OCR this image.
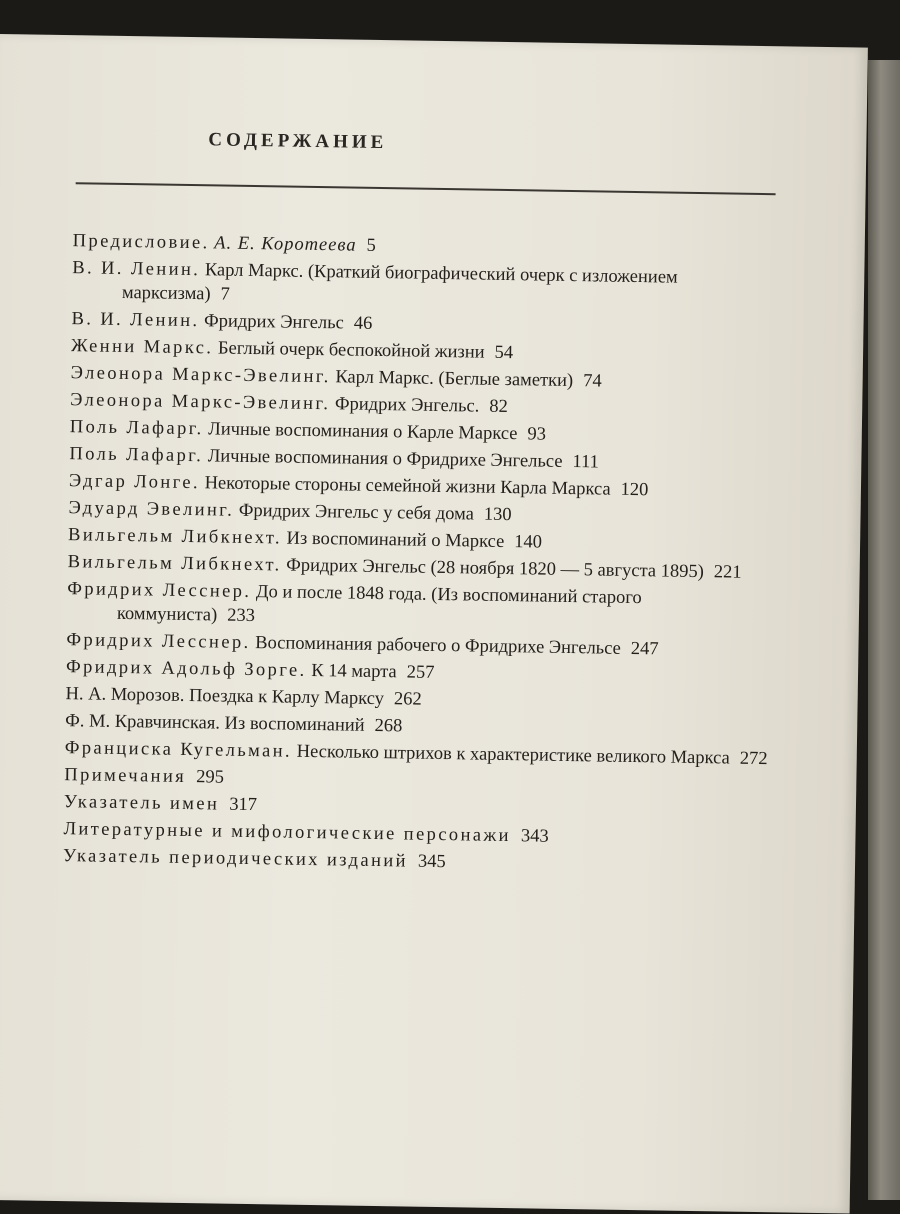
СОДЕРЖАНИЕ
Предисловие. А. Е. Коротеева 5
В. И. Ленин. Карл Маркс. (Краткий биографический очерк с изложением марксизма) 7
В. И. Ленин. Фридрих Энгельс 46
Женни Маркс. Беглый очерк беспокойной жизни 54
Элеонора Маркс-Эвелинг. Карл Маркс. (Беглые заметки) 74
Элеонора Маркс-Эвелинг. Фридрих Энгельс. 82
Поль Лафарг. Личные воспоминания о Карле Марксе 93
Поль Лафарг. Личные воспоминания о Фридрихе Энгельсе 111
Эдгар Лонге. Некоторые стороны семейной жизни Карла Маркса 120
Эдуард Эвелинг. Фридрих Энгельс у себя дома 130
Вильгельм Либкнехт. Из воспоминаний о Марксе 140
Вильгельм Либкнехт. Фридрих Энгельс (28 ноября 1820 — 5 августа 1895) 221
Фридрих Лесснер. До и после 1848 года. (Из воспоминаний старого коммуниста) 233
Фридрих Лесснер. Воспоминания рабочего о Фридрихе Энгельсе 247
Фридрих Адольф Зорге. К 14 марта 257
Н. А. Морозов. Поездка к Карлу Марксу 262
Ф. М. Кравчинская. Из воспоминаний 268
Франциска Кугельман. Несколько штрихов к характеристике великого Маркса 272
Примечания 295
Указатель имен 317
Литературные и мифологические персонажи 343
Указатель периодических изданий 345
